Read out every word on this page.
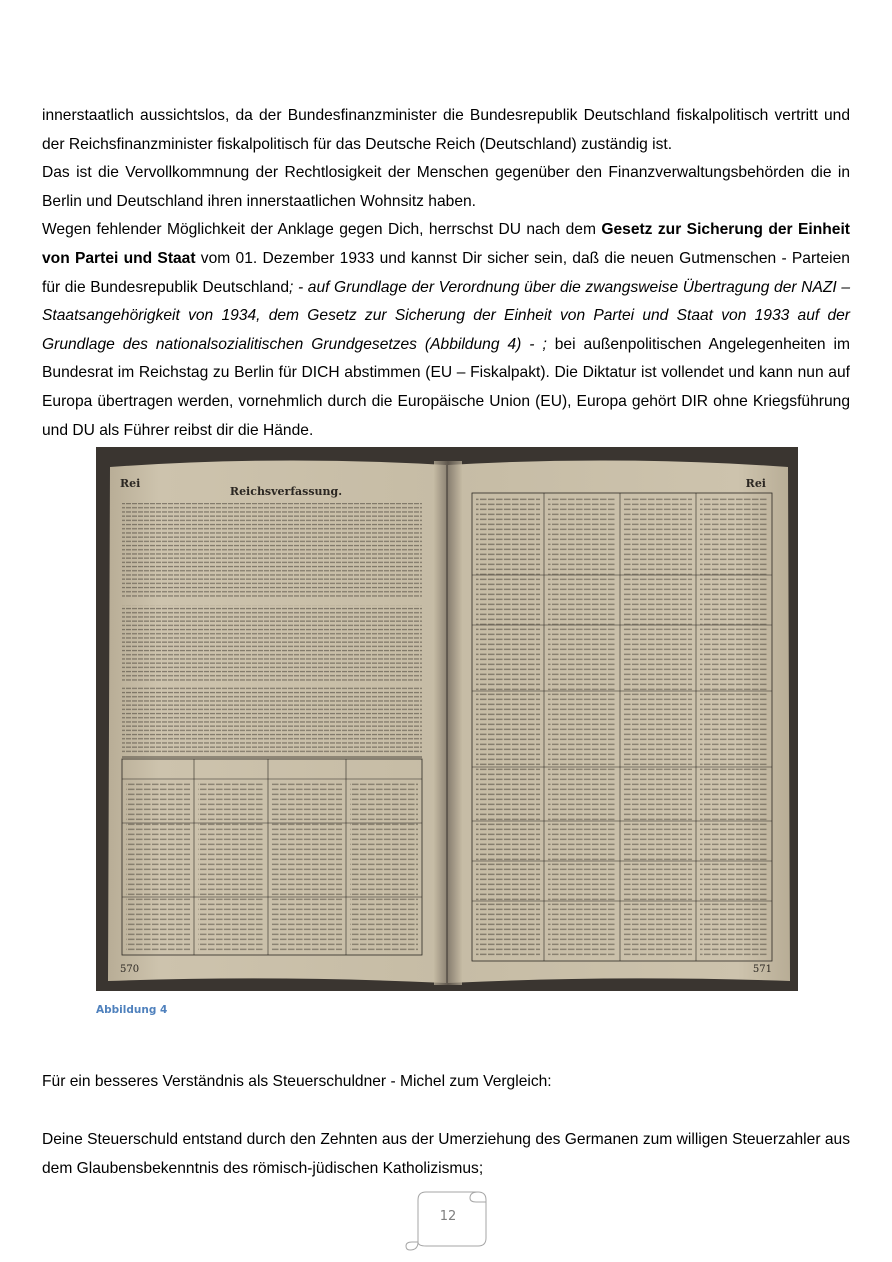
innerstaatlich aussichtslos, da der Bundesfinanzminister die Bundesrepublik Deutschland fiskalpolitisch vertritt und der Reichsfinanzminister fiskalpolitisch für das Deutsche Reich (Deutschland) zuständig ist.

Das ist die Vervollkommnung der Rechtlosigkeit der Menschen gegenüber den Finanzverwaltungsbehörden die in Berlin und Deutschland ihren innerstaatlichen Wohnsitz haben.

Wegen fehlender Möglichkeit der Anklage gegen Dich, herrschst DU nach dem Gesetz zur Sicherung der Einheit von Partei und Staat vom 01. Dezember 1933 und kannst Dir sicher sein, daß die neuen Gutmenschen - Parteien für die Bundesrepublik Deutschland; - auf Grundlage der Verordnung über die zwangsweise Übertragung der NAZI – Staatsangehörigkeit von 1934, dem Gesetz zur Sicherung der Einheit von Partei und Staat von 1933 auf der Grundlage des nationalsozialitischen Grundgesetzes (Abbildung 4) - ; bei außenpolitischen Angelegenheiten im Bundesrat im Reichstag zu Berlin für DICH abstimmen (EU – Fiskalpakt). Die Diktatur ist vollendet und kann nun auf Europa übertragen werden, vornehmlich durch die Europäische Union (EU), Europa gehört DIR ohne Kriegsführung und DU als Führer reibst dir die Hände.

Rei
Reichsverfassung.
570
Rei
571
Abbildung 4

Für ein besseres Verständnis als Steuerschuldner - Michel zum Vergleich:

Deine Steuerschuld entstand durch den Zehnten aus der Umerziehung des Germanen zum willigen Steuerzahler aus dem Glaubensbekenntnis des römisch-jüdischen Katholizismus;

12
